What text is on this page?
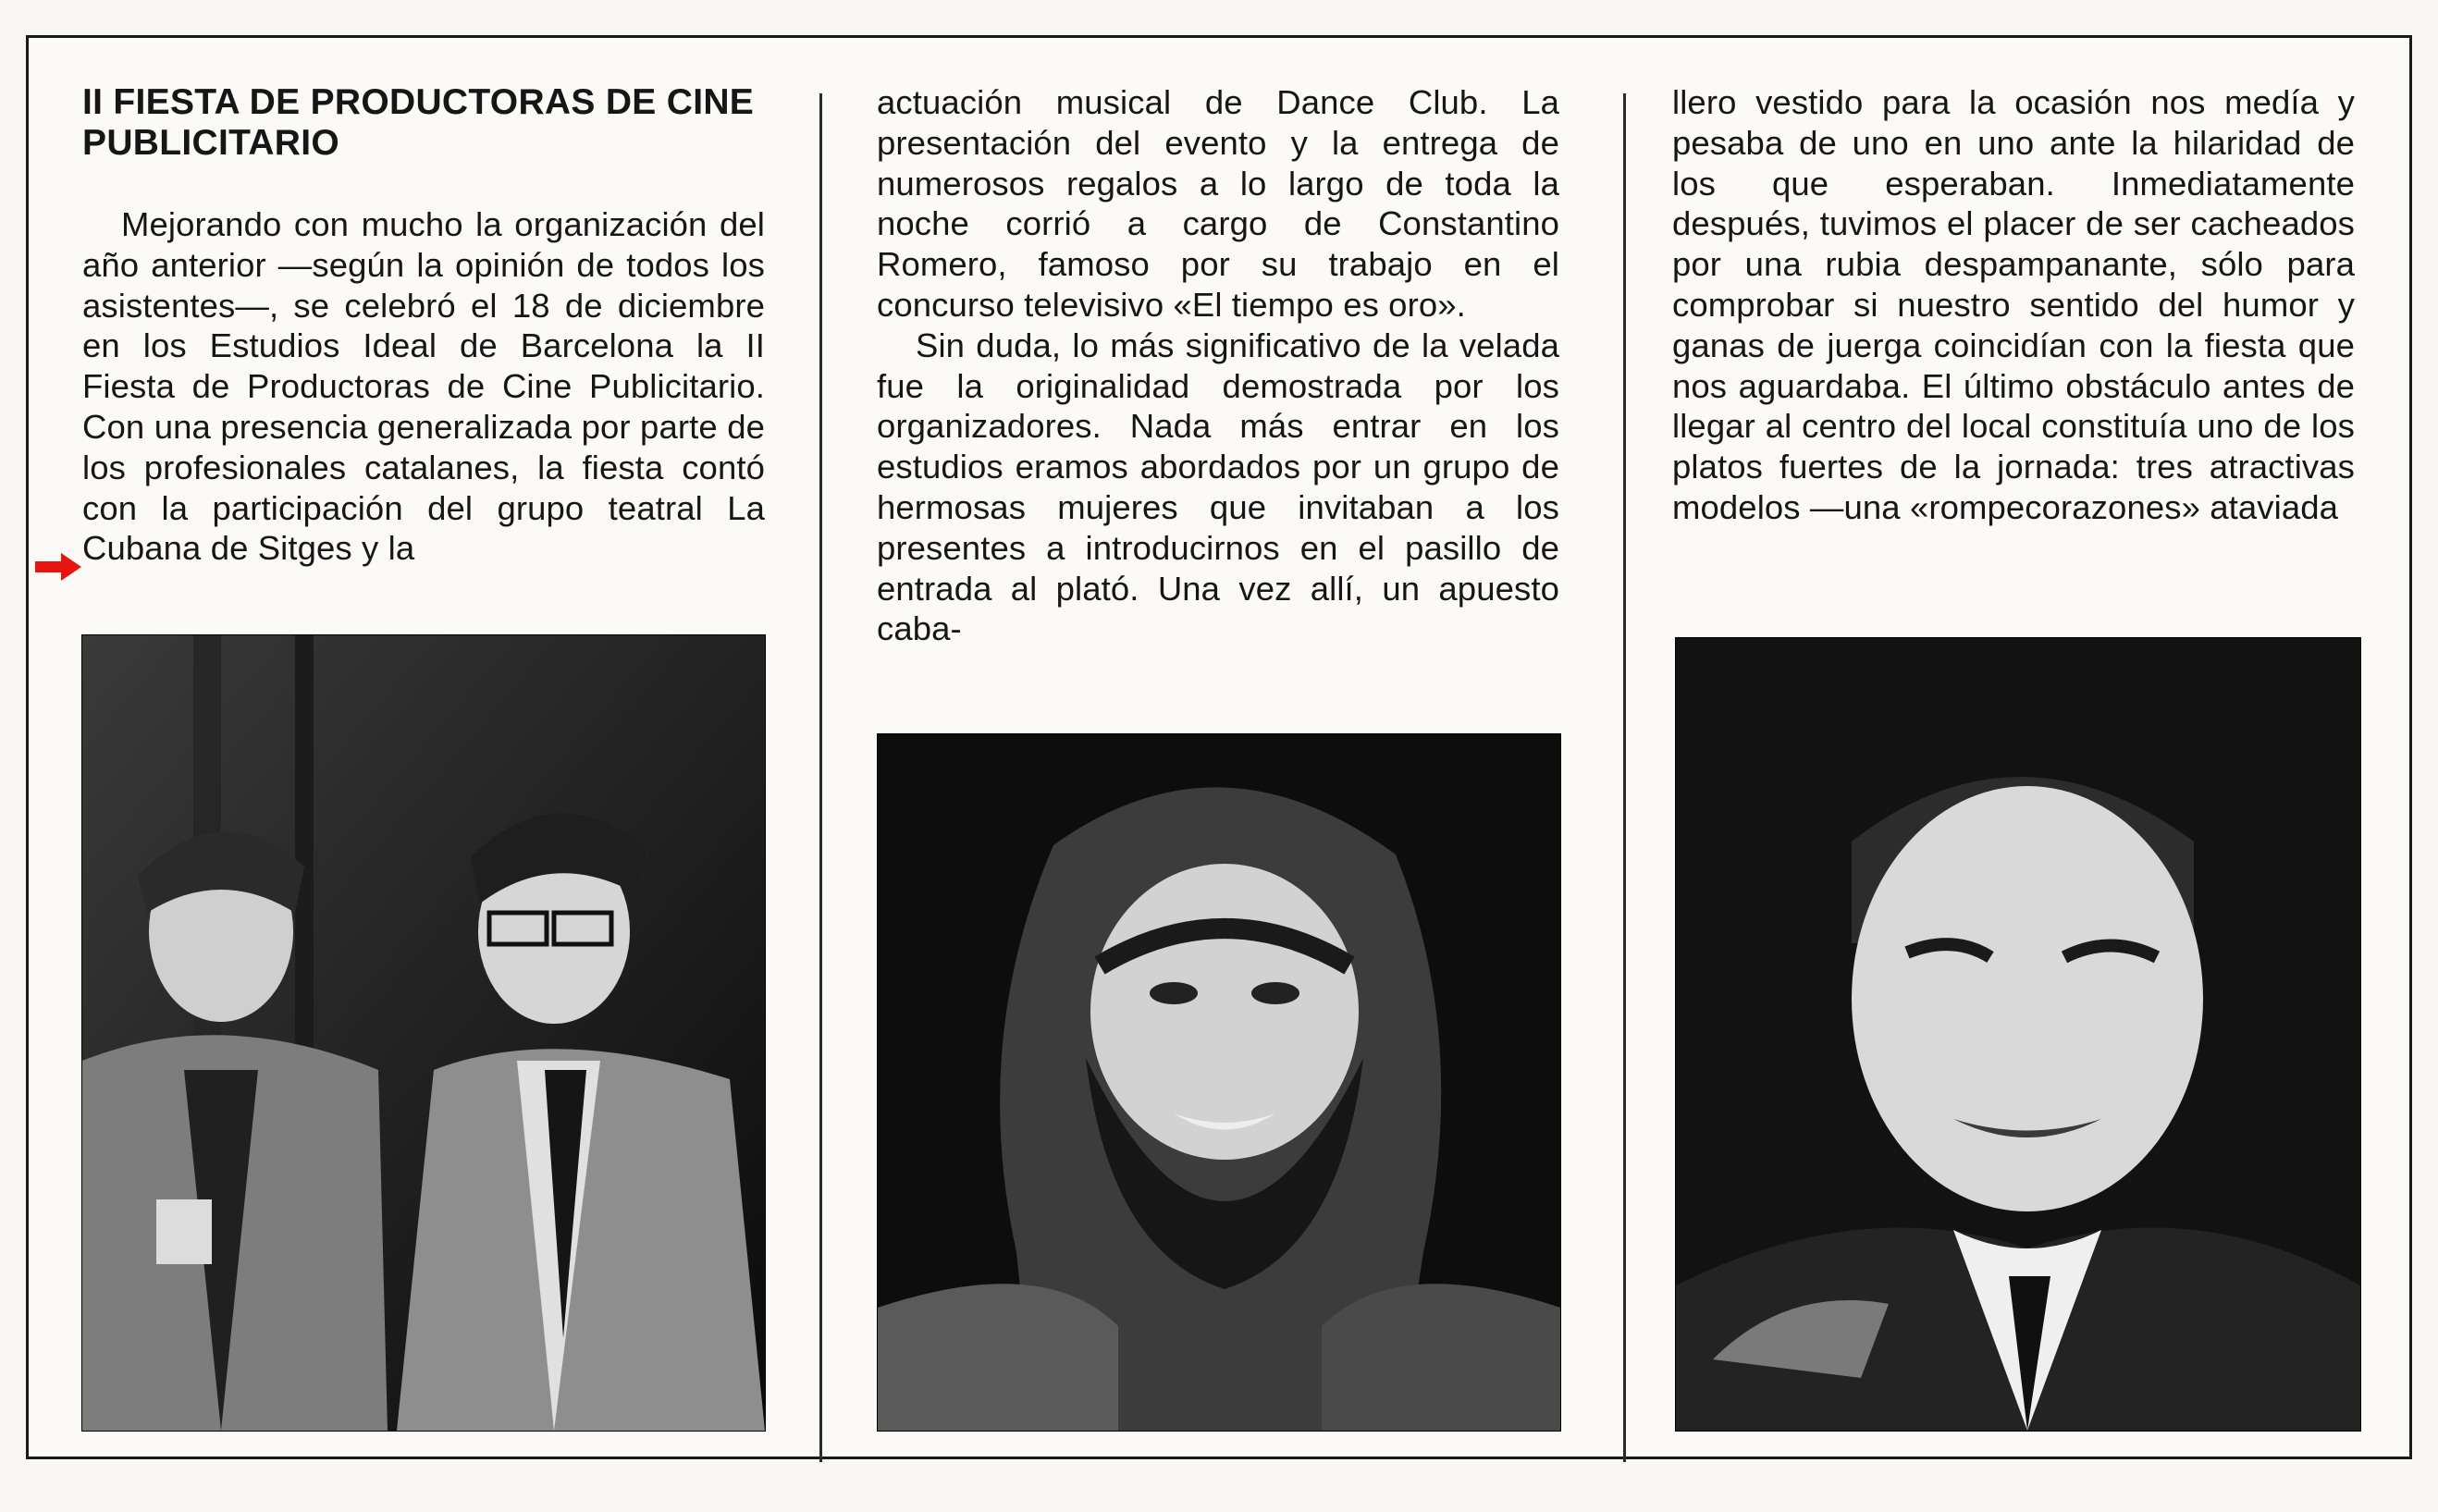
II FIESTA DE PRODUCTORAS DE CINE PUBLICITARIO

Mejorando con mucho la organización del año anterior —según la opinión de todos los asistentes—, se celebró el 18 de diciembre en los Estudios Ideal de Barcelona la II Fiesta de Productoras de Cine Publicitario. Con una presencia generalizada por parte de los profesionales catalanes, la fiesta contó con la participación del grupo teatral La Cubana de Sitges y la

actuación musical de Dance Club. La presentación del evento y la entrega de numerosos regalos a lo largo de toda la noche corrió a cargo de Constantino Romero, famoso por su trabajo en el concurso televisivo «El tiempo es oro».

Sin duda, lo más significativo de la velada fue la originalidad demostrada por los organizadores. Nada más entrar en los estudios eramos abordados por un grupo de hermosas mujeres que invitaban a los presentes a introducirnos en el pasillo de entrada al plató. Una vez allí, un apuesto caba-

llero vestido para la ocasión nos medía y pesaba de uno en uno ante la hilaridad de los que esperaban. Inmediatamente después, tuvimos el placer de ser cacheados por una rubia despampanante, sólo para comprobar si nuestro sentido del humor y ganas de juerga coincidían con la fiesta que nos aguardaba. El último obstáculo antes de llegar al centro del local constituía uno de los platos fuertes de la jornada: tres atractivas modelos —una «rompecorazones» ataviada
